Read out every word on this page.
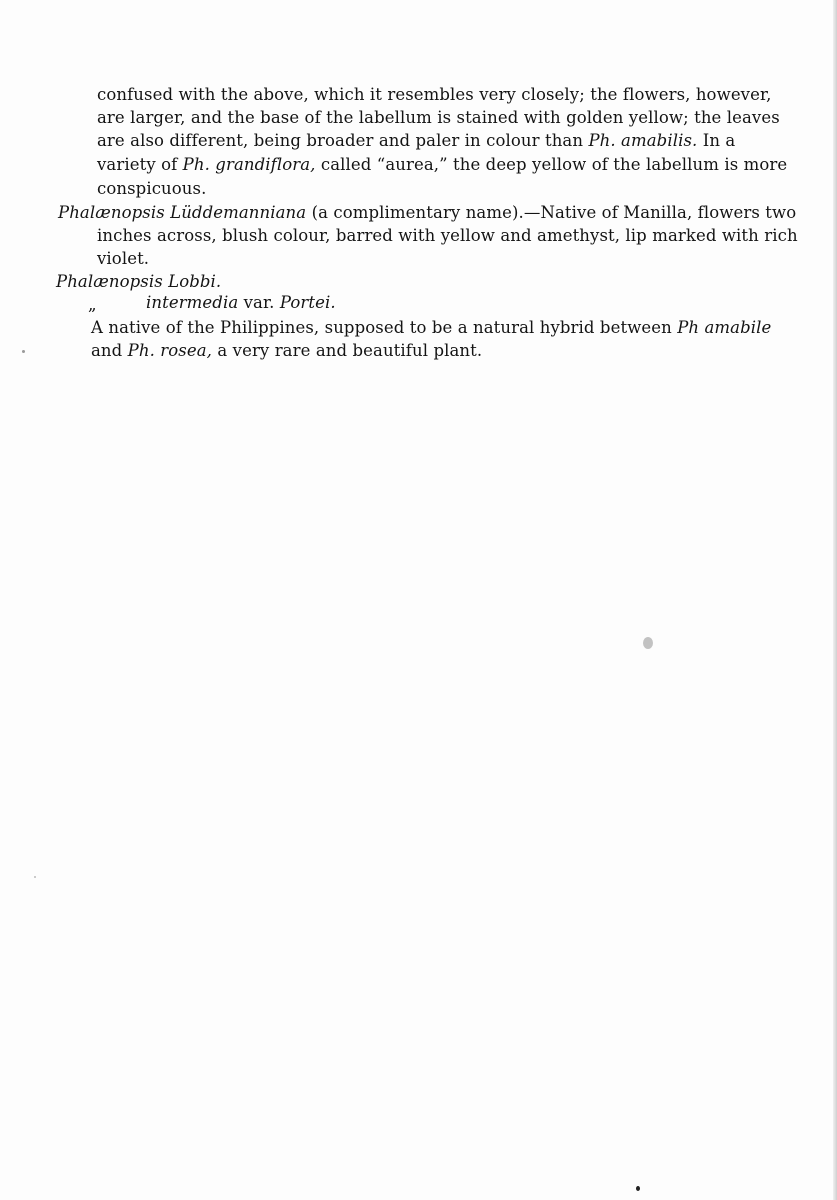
confused with the above, which it resembles very closely; the flowers, however,
are larger, and the base of the labellum is stained with golden yellow; the leaves
are also different, being broader and paler in colour than Ph. amabilis. In a
variety of Ph. grandiflora, called “aurea,” the deep yellow of the labellum is more
conspicuous.
Phalænopsis Lüddemanniana (a complimentary name).—Native of Manilla, flowers two
inches across, blush colour, barred with yellow and amethyst, lip marked with rich
violet.
Phalænopsis Lobbi.
„	intermedia var. Portei.
A native of the Philippines, supposed to be a natural hybrid between Ph amabile
and Ph. rosea, a very rare and beautiful plant.
